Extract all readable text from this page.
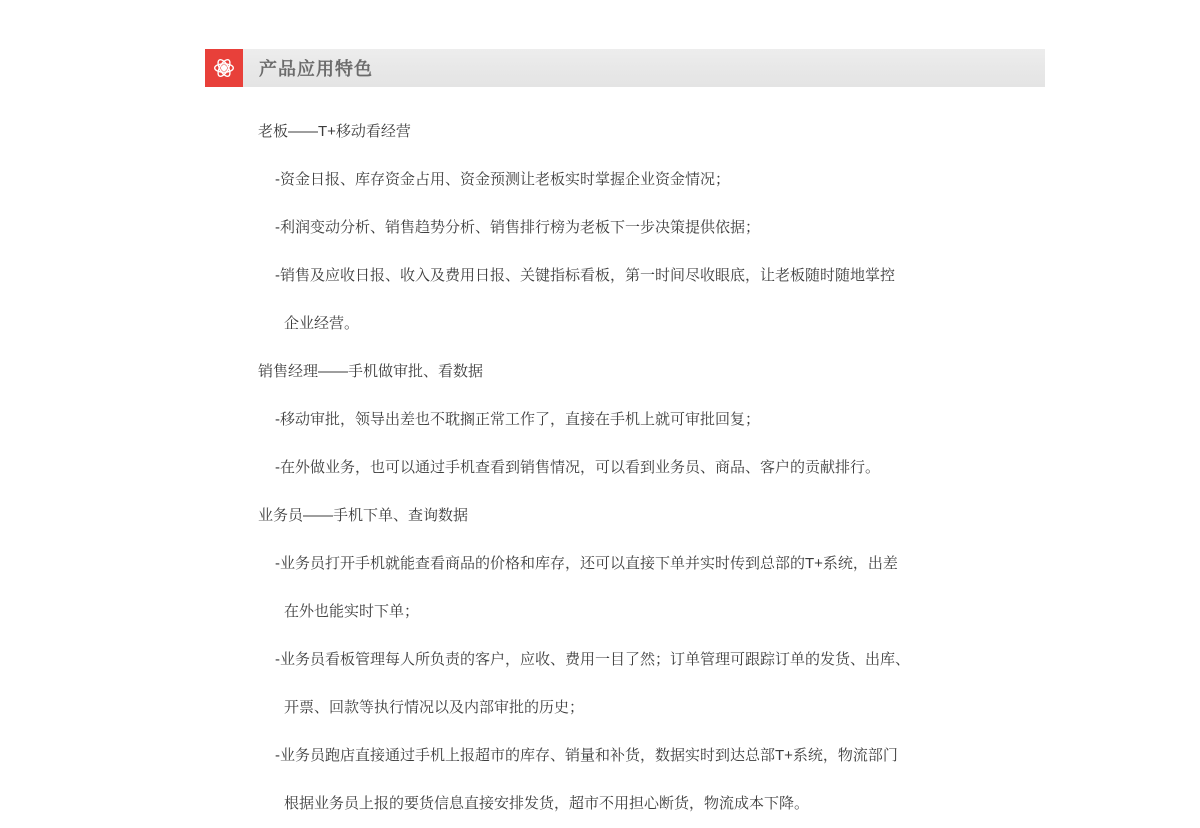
产品应用特色
老板——T+移动看经营
-资金日报、库存资金占用、资金预测让老板实时掌握企业资金情况；
-利润变动分析、销售趋势分析、销售排行榜为老板下一步决策提供依据；
-销售及应收日报、收入及费用日报、关键指标看板，第一时间尽收眼底，让老板随时随地掌控
企业经营。
销售经理——手机做审批、看数据
-移动审批，领导出差也不耽搁正常工作了，直接在手机上就可审批回复；
-在外做业务，也可以通过手机查看到销售情况，可以看到业务员、商品、客户的贡献排行。
业务员——手机下单、查询数据
-业务员打开手机就能查看商品的价格和库存，还可以直接下单并实时传到总部的T+系统，出差
在外也能实时下单；
-业务员看板管理每人所负责的客户，应收、费用一目了然；订单管理可跟踪订单的发货、出库、
开票、回款等执行情况以及内部审批的历史；
-业务员跑店直接通过手机上报超市的库存、销量和补货，数据实时到达总部T+系统，物流部门
根据业务员上报的要货信息直接安排发货，超市不用担心断货，物流成本下降。
